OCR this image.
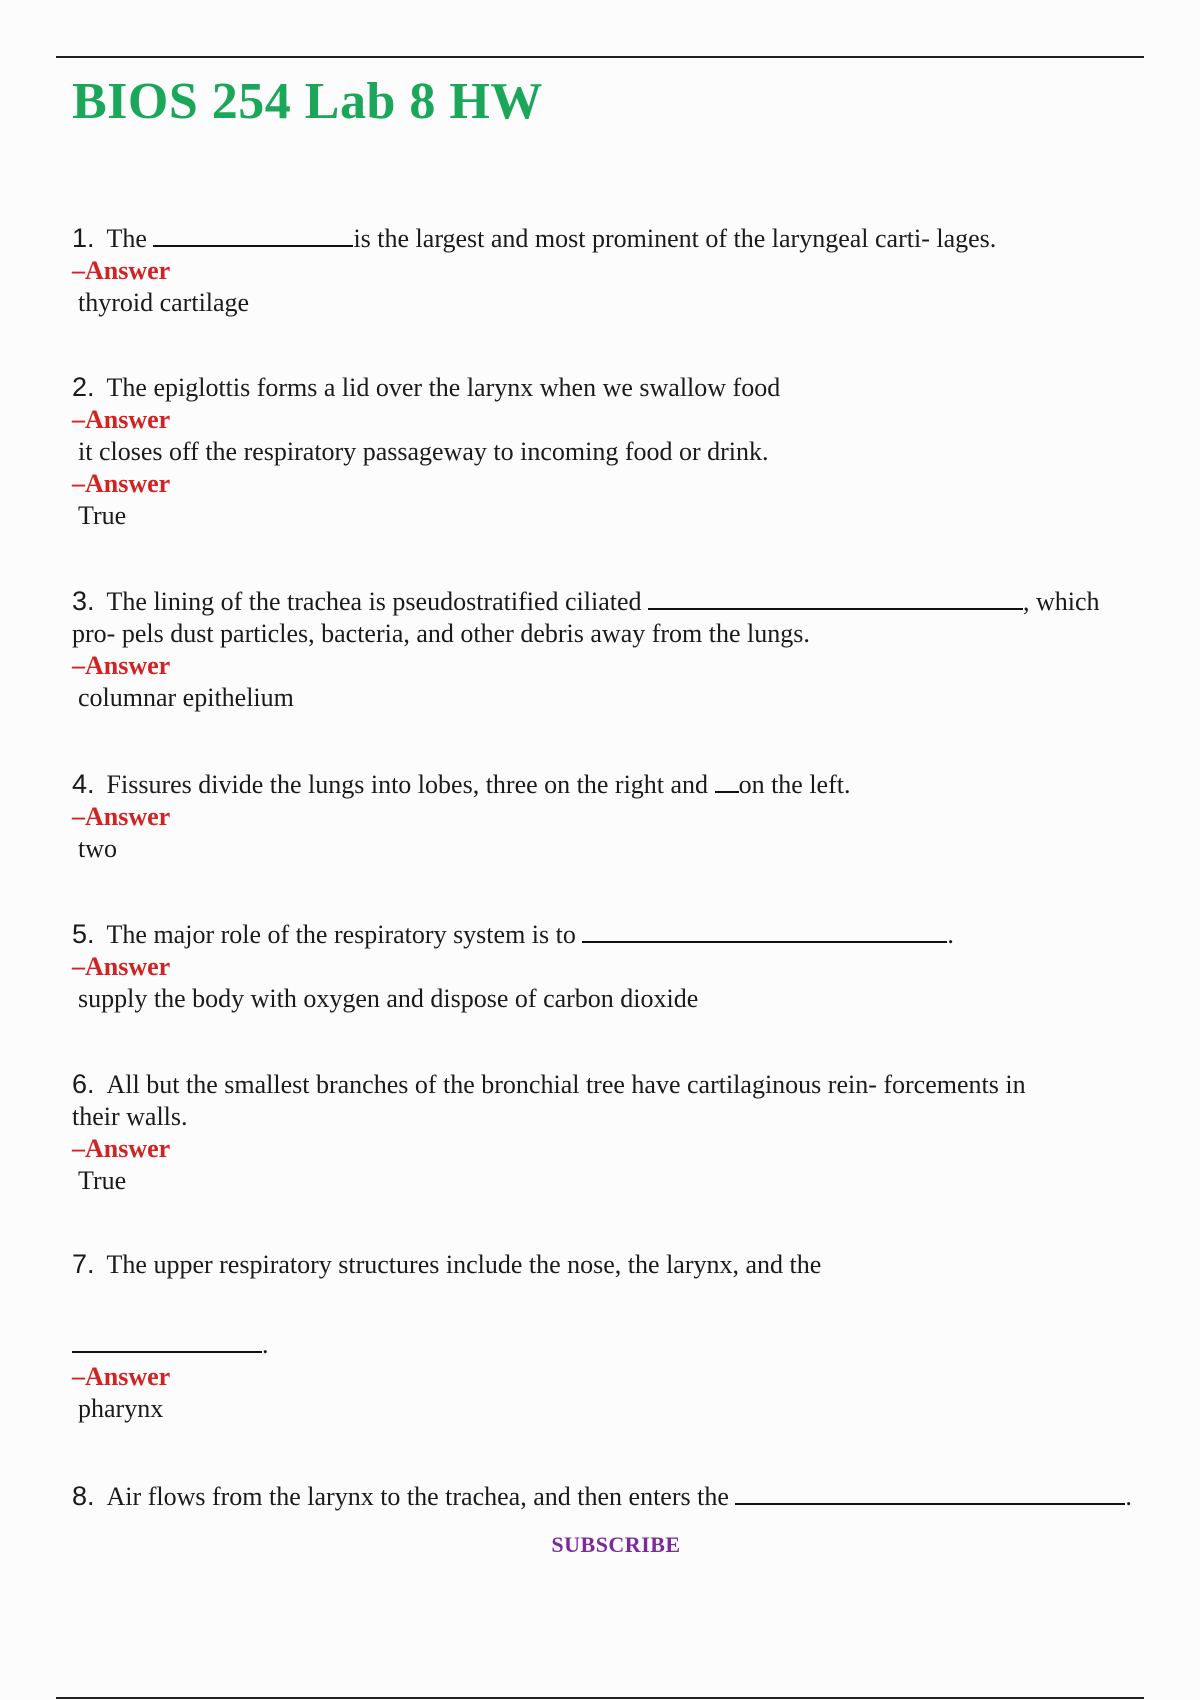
BIOS 254 Lab 8 HW

1. The	is the largest and most prominent of the laryngeal carti- lages.

–Answer

thyroid cartilage

2. The epiglottis forms a lid over the larynx when we swallow food

–Answer

it closes off the respiratory passageway to incoming food or drink.

–Answer

True

3. The lining of the trachea is pseudostratified ciliated	, which

pro- pels dust particles, bacteria, and other debris away from the lungs.

–Answer

columnar epithelium

4. Fissures divide the lungs into lobes, three on the right and on the left.

–Answer

two

5. The major role of the respiratory system is to	.

–Answer

supply the body with oxygen and dispose of carbon dioxide

6. All but the smallest branches of the bronchial tree have cartilaginous rein- forcements in

their walls.

–Answer

True

7. The upper respiratory structures include the nose, the larynx, and the

.

–Answer

pharynx

8. Air flows from the larynx to the trachea, and then enters the	.

SUBSCRIBE
